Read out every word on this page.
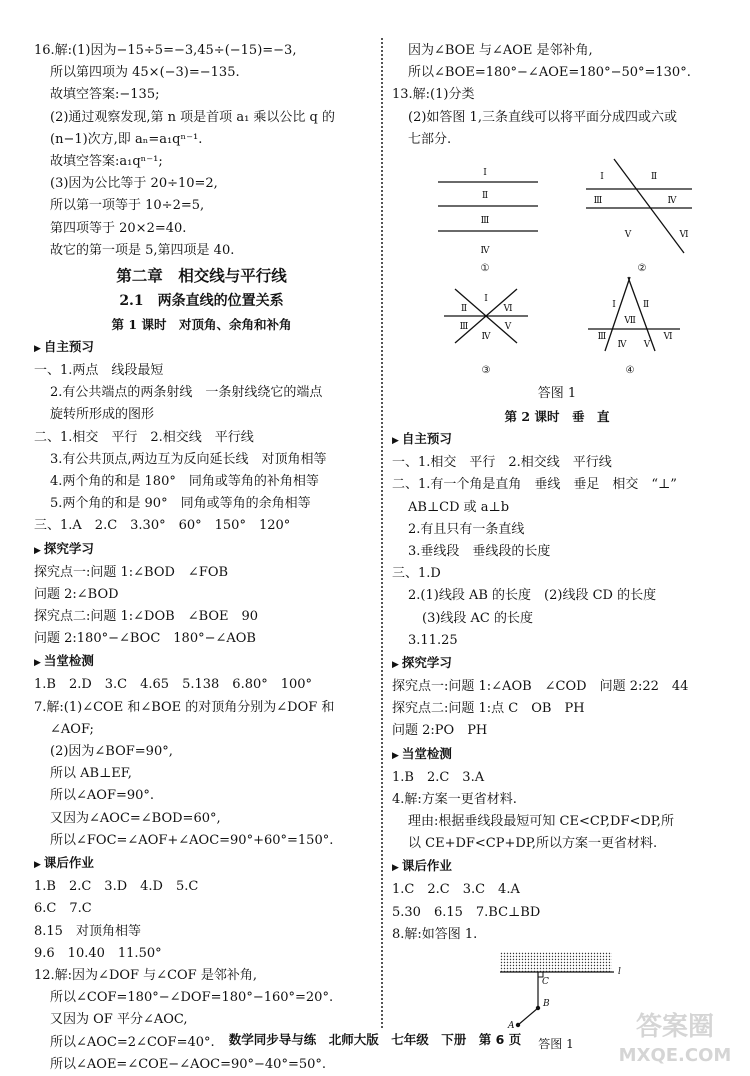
16.解:(1)因为−15÷5=−3,45÷(−15)=−3,
所以第四项为 45×(−3)=−135.
故填空答案:−135;
(2)通过观察发现,第 n 项是首项 a₁ 乘以公比 q 的
(n−1)次方,即 aₙ=a₁qⁿ⁻¹.
故填空答案:a₁qⁿ⁻¹;
(3)因为公比等于 20÷10=2,
所以第一项等于 10÷2=5,
第四项等于 20×2=40.
故它的第一项是 5,第四项是 40.
第二章　相交线与平行线
2.1　两条直线的位置关系
第 1 课时　对顶角、余角和补角
▶ 自主预习
一、1.两点　线段最短
2.有公共端点的两条射线　一条射线绕它的端点
旋转所形成的图形
二、1.相交　平行　2.相交线　平行线
3.有公共顶点,两边互为反向延长线　对顶角相等
4.两个角的和是 180°　同角或等角的补角相等
5.两个角的和是 90°　同角或等角的余角相等
三、1.A　2.C　3.30°　60°　150°　120°
▶ 探究学习
探究点一:问题 1:∠BOD　∠FOB
问题 2:∠BOD
探究点二:问题 1:∠DOB　∠BOE　90
问题 2:180°−∠BOC　180°−∠AOB
▶ 当堂检测
1.B　2.D　3.C　4.65　5.138　6.80°　100°
7.解:(1)∠COE 和∠BOE 的对顶角分别为∠DOF 和
∠AOF;
(2)因为∠BOF=90°,
所以 AB⊥EF,
所以∠AOF=90°.
又因为∠AOC=∠BOD=60°,
所以∠FOC=∠AOF+∠AOC=90°+60°=150°.
▶ 课后作业
1.B　2.C　3.D　4.D　5.C
6.C　7.C
8.15　对顶角相等
9.6　10.40　11.50°
12.解:因为∠DOF 与∠COF 是邻补角,
所以∠COF=180°−∠DOF=180°−160°=20°.
又因为 OF 平分∠AOC,
所以∠AOC=2∠COF=40°.
所以∠AOE=∠COE−∠AOC=90°−40°=50°.
因为∠BOE 与∠AOE 是邻补角,
所以∠BOE=180°−∠AOE=180°−50°=130°.
13.解:(1)分类
(2)如答图 1,三条直线可以将平面分成四或六或
七部分.
Ⅰ
Ⅱ
Ⅲ
Ⅳ
①
Ⅰ	Ⅱ
Ⅲ	Ⅳ
Ⅴ	Ⅵ
②
Ⅰ
Ⅱ
Ⅲ
Ⅳ
Ⅴ
Ⅵ
③
Ⅰ	Ⅱ
Ⅲ
Ⅳ Ⅴ
Ⅵ
Ⅶ
④
答图 1
第 2 课时　垂　直
▶ 自主预习
一、1.相交　平行　2.相交线　平行线
二、1.有一个角是直角　垂线　垂足　相交　“⊥”
AB⊥CD 或 a⊥b
2.有且只有一条直线
3.垂线段　垂线段的长度
三、1.D
2.(1)线段 AB 的长度　(2)线段 CD 的长度
(3)线段 AC 的长度
3.11.25
▶ 探究学习
探究点一:问题 1:∠AOB　∠COD　问题 2:22　44
探究点二:问题 1:点 C　OB　PH
问题 2:PO　PH
▶ 当堂检测
1.B　2.C　3.A
4.解:方案一更省材料.
理由:根据垂线段最短可知 CE<CP,DF<DP,所
以 CE+DF<CP+DP,所以方案一更省材料.
▶ 课后作业
1.C　2.C　3.C　4.A
5.30　6.15　7.BC⊥BD
8.解:如答图 1.
C
B
A
l
答图 1
数学同步导与练　北师大版　七年级　下册　第 6 页	答案圈
MXQE.COM
